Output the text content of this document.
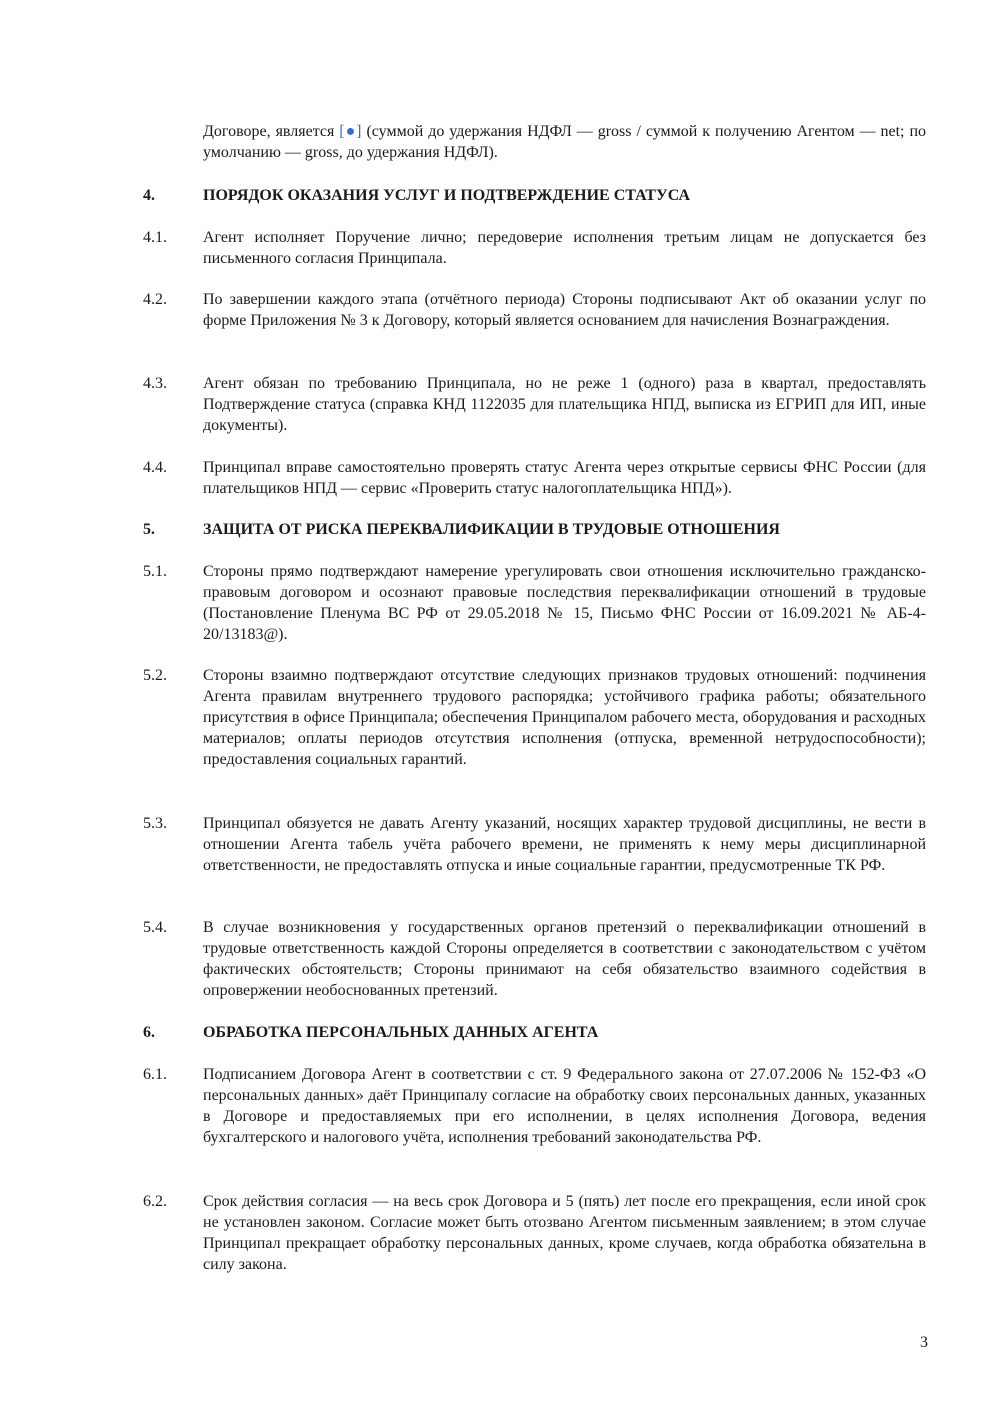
Договоре, является [●] (суммой до удержания НДФЛ — gross / суммой к получению Агентом — net; по умолчанию — gross, до удержания НДФЛ).
4.	ПОРЯДОК ОКАЗАНИЯ УСЛУГ И ПОДТВЕРЖДЕНИЕ СТАТУСА
4.1. Агент исполняет Поручение лично; передоверие исполнения третьим лицам не допускается без письменного согласия Принципала.
4.2. По завершении каждого этапа (отчётного периода) Стороны подписывают Акт об оказании услуг по форме Приложения № 3 к Договору, который является основанием для начисления Вознаграждения.
4.3. Агент обязан по требованию Принципала, но не реже 1 (одного) раза в квартал, предоставлять Подтверждение статуса (справка КНД 1122035 для плательщика НПД, выписка из ЕГРИП для ИП, иные документы).
4.4. Принципал вправе самостоятельно проверять статус Агента через открытые сервисы ФНС России (для плательщиков НПД — сервис «Проверить статус налогоплательщика НПД»).
5.	ЗАЩИТА ОТ РИСКА ПЕРЕКВАЛИФИКАЦИИ В ТРУДОВЫЕ ОТНОШЕНИЯ
5.1. Стороны прямо подтверждают намерение урегулировать свои отношения исключительно гражданско-правовым договором и осознают правовые последствия переквалификации отношений в трудовые (Постановление Пленума ВС РФ от 29.05.2018 № 15, Письмо ФНС России от 16.09.2021 № АБ-4-20/13183@).
5.2. Стороны взаимно подтверждают отсутствие следующих признаков трудовых отношений: подчинения Агента правилам внутреннего трудового распорядка; устойчивого графика работы; обязательного присутствия в офисе Принципала; обеспечения Принципалом рабочего места, оборудования и расходных материалов; оплаты периодов отсутствия исполнения (отпуска, временной нетрудоспособности); предоставления социальных гарантий.
5.3. Принципал обязуется не давать Агенту указаний, носящих характер трудовой дисциплины, не вести в отношении Агента табель учёта рабочего времени, не применять к нему меры дисциплинарной ответственности, не предоставлять отпуска и иные социальные гарантии, предусмотренные ТК РФ.
5.4. В случае возникновения у государственных органов претензий о переквалификации отношений в трудовые ответственность каждой Стороны определяется в соответствии с законодательством с учётом фактических обстоятельств; Стороны принимают на себя обязательство взаимного содействия в опровержении необоснованных претензий.
6.	ОБРАБОТКА ПЕРСОНАЛЬНЫХ ДАННЫХ АГЕНТА
6.1. Подписанием Договора Агент в соответствии с ст. 9 Федерального закона от 27.07.2006 № 152-ФЗ «О персональных данных» даёт Принципалу согласие на обработку своих персональных данных, указанных в Договоре и предоставляемых при его исполнении, в целях исполнения Договора, ведения бухгалтерского и налогового учёта, исполнения требований законодательства РФ.
6.2. Срок действия согласия — на весь срок Договора и 5 (пять) лет после его прекращения, если иной срок не установлен законом. Согласие может быть отозвано Агентом письменным заявлением; в этом случае Принципал прекращает обработку персональных данных, кроме случаев, когда обработка обязательна в силу закона.
3
